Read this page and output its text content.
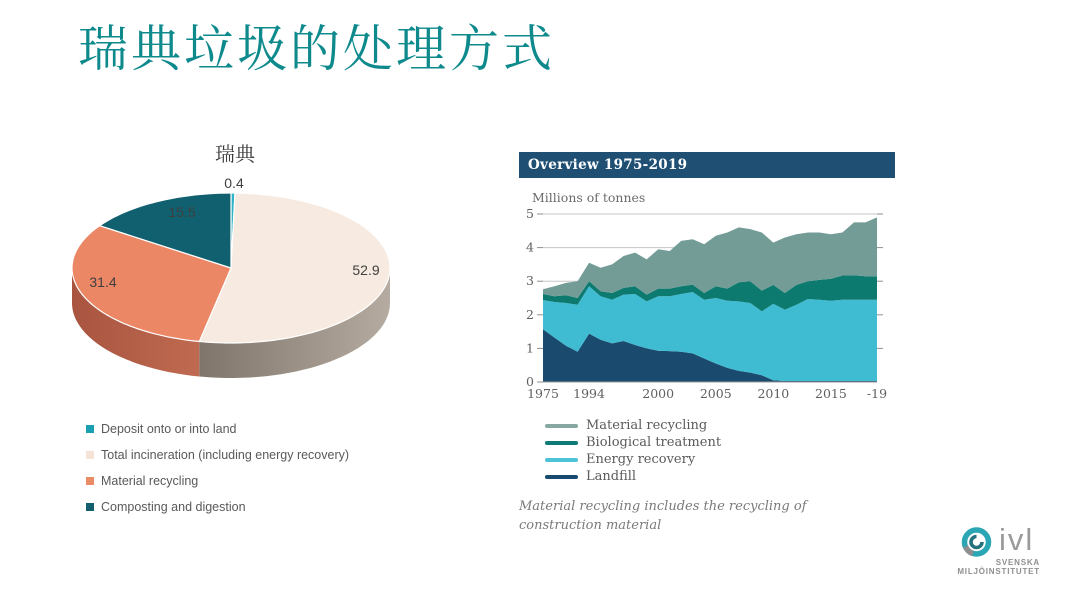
瑞典垃圾的处理方式
瑞典
0.4
52.9
31.4
15.5
Deposit onto or into land
Total incineration (including energy recovery)
Material recycling
Composting and digestion
Overview 1975-2019
Millions of tonnes
0
1
2
3
4
5
1975 1994	2000 2005 2010 2015 -19
Material recycling
Biological treatment
Energy recovery
Landfill
Material recycling includes the recycling of construction material	ivl
SVENSKA
MILJÖINSTITUTET
